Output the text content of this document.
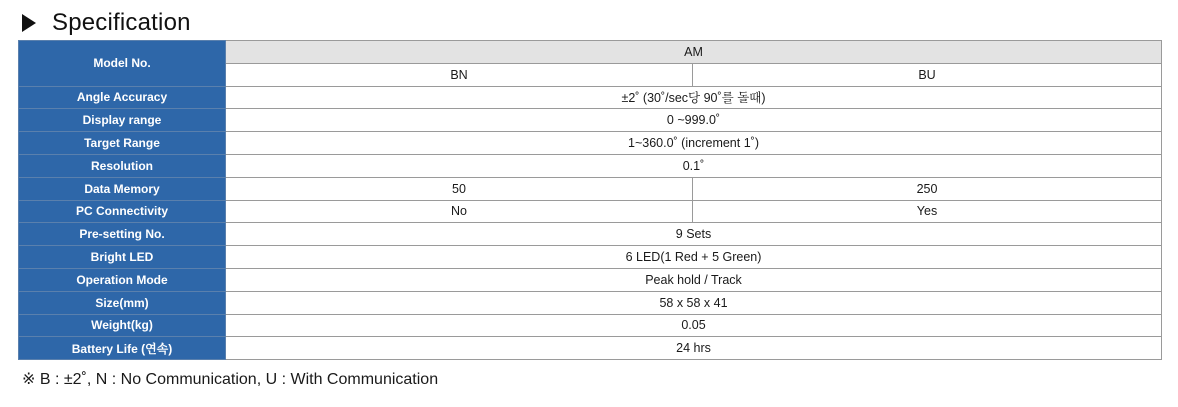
Specification
Model No.	AM	
	BN	BU
Angle Accuracy	±2˚ (30˚/sec당 90˚를 돌때)	
Display range	0 ~999.0˚	
Target Range	1~360.0˚ (increment 1˚)	
Resolution	0.1˚	
Data Memory	50	250
PC Connectivity	No	Yes
Pre-setting No.	9 Sets	
Bright LED	6 LED(1 Red + 5 Green)	
Operation Mode	Peak hold / Track	
Size(mm)	58 x 58 x 41	
Weight(kg)	0.05	
Battery Life (연속)	24 hrs	
※ B : ±2˚, N : No Communication, U : With Communication
